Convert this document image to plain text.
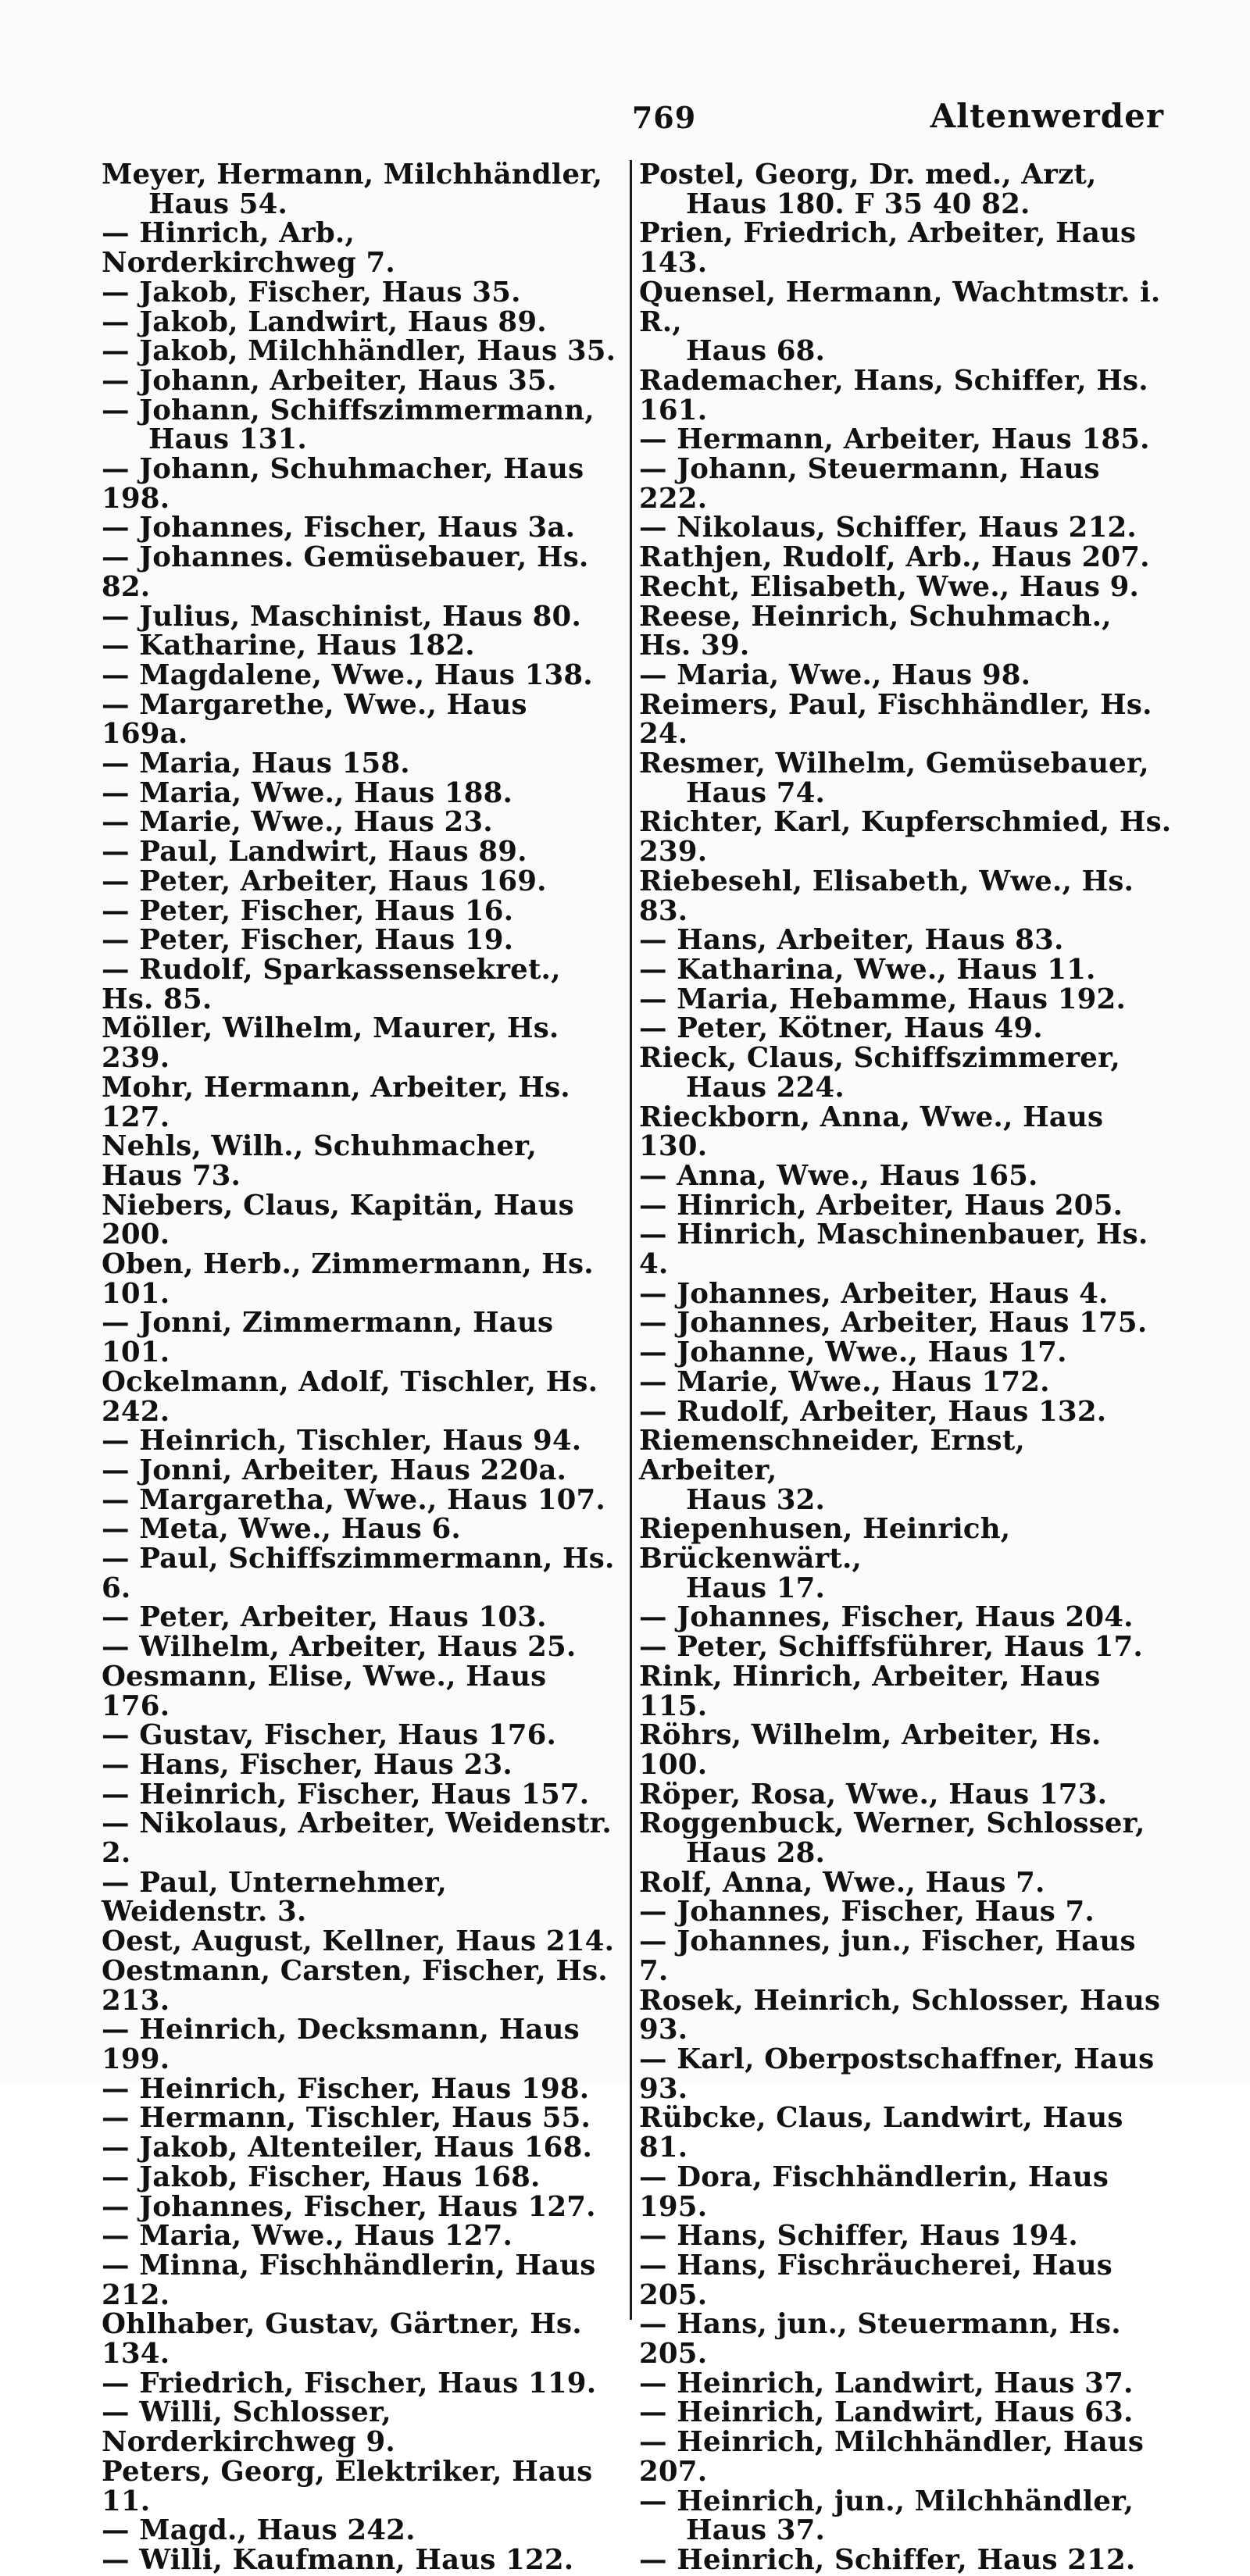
769	Altenwerder
Meyer, Hermann, Milchhändler,
Haus 54.
— Hinrich, Arb., Norderkirchweg 7.
— Jakob, Fischer, Haus 35.
— Jakob, Landwirt, Haus 89.
— Jakob, Milchhändler, Haus 35.
— Johann, Arbeiter, Haus 35.
— Johann, Schiffszimmermann,
Haus 131.
— Johann, Schuhmacher, Haus 198.
— Johannes, Fischer, Haus 3a.
— Johannes. Gemüsebauer, Hs. 82.
— Julius, Maschinist, Haus 80.
— Katharine, Haus 182.
— Magdalene, Wwe., Haus 138.
— Margarethe, Wwe., Haus 169a.
— Maria, Haus 158.
— Maria, Wwe., Haus 188.
— Marie, Wwe., Haus 23.
— Paul, Landwirt, Haus 89.
— Peter, Arbeiter, Haus 169.
— Peter, Fischer, Haus 16.
— Peter, Fischer, Haus 19.
— Rudolf, Sparkassensekret., Hs. 85.
Möller, Wilhelm, Maurer, Hs. 239.
Mohr, Hermann, Arbeiter, Hs. 127.
Nehls, Wilh., Schuhmacher, Haus 73.
Niebers, Claus, Kapitän, Haus 200.
Oben, Herb., Zimmermann, Hs. 101.
— Jonni, Zimmermann, Haus 101.
Ockelmann, Adolf, Tischler, Hs. 242.
— Heinrich, Tischler, Haus 94.
— Jonni, Arbeiter, Haus 220a.
— Margaretha, Wwe., Haus 107.
— Meta, Wwe., Haus 6.
— Paul, Schiffszimmermann, Hs. 6.
— Peter, Arbeiter, Haus 103.
— Wilhelm, Arbeiter, Haus 25.
Oesmann, Elise, Wwe., Haus 176.
— Gustav, Fischer, Haus 176.
— Hans, Fischer, Haus 23.
— Heinrich, Fischer, Haus 157.
— Nikolaus, Arbeiter, Weidenstr. 2.
— Paul, Unternehmer, Weidenstr. 3.
Oest, August, Kellner, Haus 214.
Oestmann, Carsten, Fischer, Hs. 213.
— Heinrich, Decksmann, Haus 199.
— Heinrich, Fischer, Haus 198.
— Hermann, Tischler, Haus 55.
— Jakob, Altenteiler, Haus 168.
— Jakob, Fischer, Haus 168.
— Johannes, Fischer, Haus 127.
— Maria, Wwe., Haus 127.
— Minna, Fischhändlerin, Haus 212.
Ohlhaber, Gustav, Gärtner, Hs. 134.
— Friedrich, Fischer, Haus 119.
— Willi, Schlosser, Norderkirchweg 9.
Peters, Georg, Elektriker, Haus 11.
— Magd., Haus 242.
— Willi, Kaufmann, Haus 122.
Postel, Georg, Dr. med., Arzt,
Haus 180. F 35 40 82.
Prien, Friedrich, Arbeiter, Haus 143.
Quensel, Hermann, Wachtmstr. i. R.,
Haus 68.
Rademacher, Hans, Schiffer, Hs. 161.
— Hermann, Arbeiter, Haus 185.
— Johann, Steuermann, Haus 222.
— Nikolaus, Schiffer, Haus 212.
Rathjen, Rudolf, Arb., Haus 207.
Recht, Elisabeth, Wwe., Haus 9.
Reese, Heinrich, Schuhmach., Hs. 39.
— Maria, Wwe., Haus 98.
Reimers, Paul, Fischhändler, Hs. 24.
Resmer, Wilhelm, Gemüsebauer,
Haus 74.
Richter, Karl, Kupferschmied, Hs. 239.
Riebesehl, Elisabeth, Wwe., Hs. 83.
— Hans, Arbeiter, Haus 83.
— Katharina, Wwe., Haus 11.
— Maria, Hebamme, Haus 192.
— Peter, Kötner, Haus 49.
Rieck, Claus, Schiffszimmerer,
Haus 224.
Rieckborn, Anna, Wwe., Haus 130.
— Anna, Wwe., Haus 165.
— Hinrich, Arbeiter, Haus 205.
— Hinrich, Maschinenbauer, Hs. 4.
— Johannes, Arbeiter, Haus 4.
— Johannes, Arbeiter, Haus 175.
— Johanne, Wwe., Haus 17.
— Marie, Wwe., Haus 172.
— Rudolf, Arbeiter, Haus 132.
Riemenschneider, Ernst, Arbeiter,
Haus 32.
Riepenhusen, Heinrich, Brückenwärt.,
Haus 17.
— Johannes, Fischer, Haus 204.
— Peter, Schiffsführer, Haus 17.
Rink, Hinrich, Arbeiter, Haus 115.
Röhrs, Wilhelm, Arbeiter, Hs. 100.
Röper, Rosa, Wwe., Haus 173.
Roggenbuck, Werner, Schlosser,
Haus 28.
Rolf, Anna, Wwe., Haus 7.
— Johannes, Fischer, Haus 7.
— Johannes, jun., Fischer, Haus 7.
Rosek, Heinrich, Schlosser, Haus 93.
— Karl, Oberpostschaffner, Haus 93.
Rübcke, Claus, Landwirt, Haus 81.
— Dora, Fischhändlerin, Haus 195.
— Hans, Schiffer, Haus 194.
— Hans, Fischräucherei, Haus 205.
— Hans, jun., Steuermann, Hs. 205.
— Heinrich, Landwirt, Haus 37.
— Heinrich, Landwirt, Haus 63.
— Heinrich, Milchhändler, Haus 207.
— Heinrich, jun., Milchhändler,
Haus 37.
— Heinrich, Schiffer, Haus 212.
